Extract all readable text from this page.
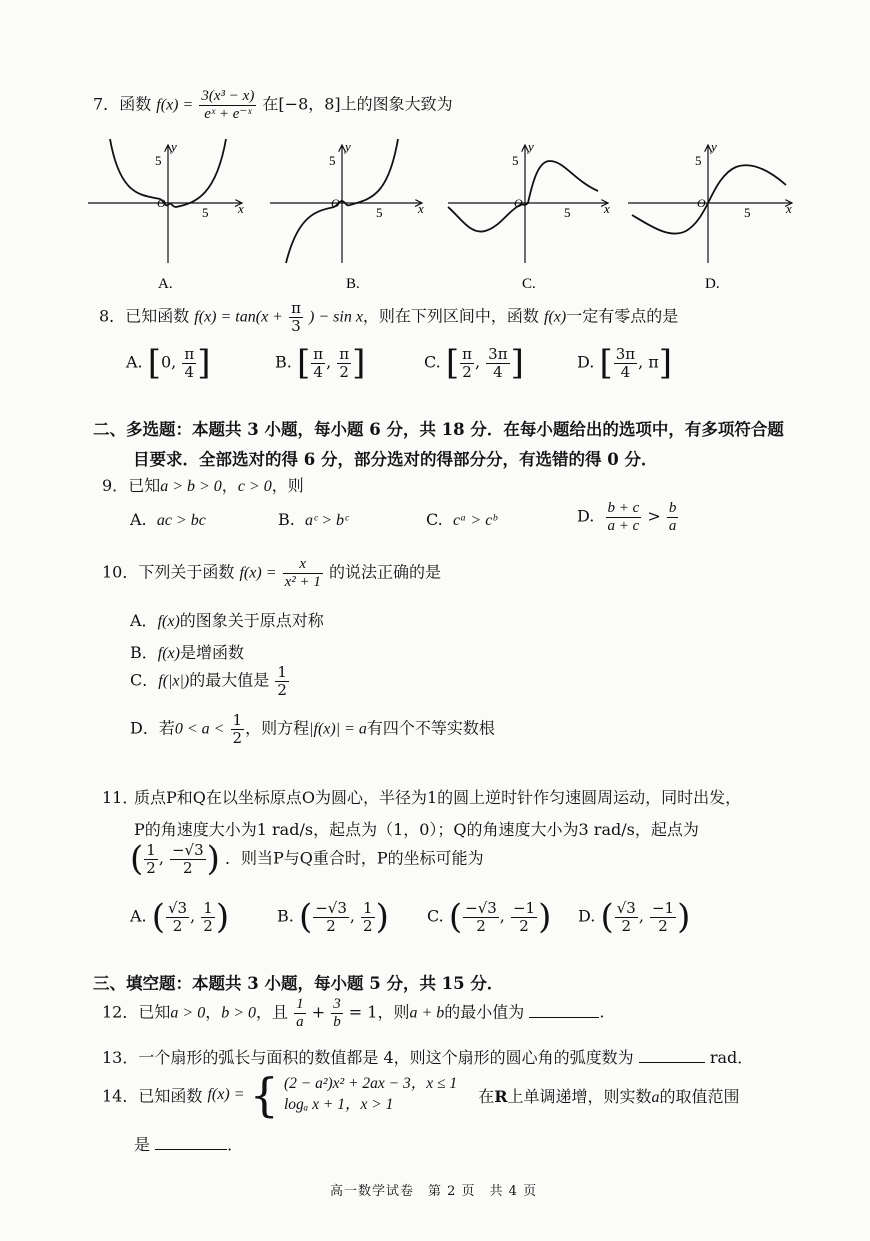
7．函数 $f(x) = \frac{\text{3(x³ − x)}}{\text{eˣ + e⁻ˣ}}$ 在[−8，8]上的图象大致为
y
5
5 x
O
A.
y
5
5	x
O
B.
y
5
5	x
O
C.
y
5
5	x
O
D.
8．已知函数 $f(x) = \tan(x + \frac{\pi}{3}$ ) − sin x，则在下列区间中，函数 f(x)一定有零点的是
A. [0, $\frac{\pi}{4}$ ]	B. [ $\frac{\pi}{4}$ , $\frac{\pi}{2}$ ]	C. [ $\frac{\pi}{2}$ , $\frac{3\pi}{4}$ ]	D. [ $\frac{3\pi}{4}$ , π]
二、多选题：本题共 3 小题，每小题 6 分，共 18 分．在每小题给出的选项中，有多项符合题
目要求．全部选对的得 6 分，部分选对的得部分分，有选错的得 0 分．
9．已知a > b > 0，c > 0，则
A. ac > bc	B. aᶜ > bᶜ	C. cᵃ > cᵇ	D. $\frac{b + c}{a + c} > \frac{b}{a}$
10．下列关于函数 $f(x) = \frac{x}{\text{x² + 1}}$ 的说法正确的是
A．f(x)的图象关于原点对称
B．f(x)是增函数
C．f(|x|)的最大值是 $\frac{1}{2}$
D．若$0 < a < \frac{1}{2}$ ，则方程|f(x)| = a有四个不等实数根
11．
质点P和Q在以坐标原点O为圆心，半径为1的圆上逆时针作匀速圆周运动，同时出发，
P的角速度大小为1 rad/s，起点为（1，0）；Q的角速度大小为3 rad/s，起点为
( $\frac{1}{2}$ , $\frac{-√3}{2}$ ) ．则当P与Q重合时，P的坐标可能为
A. ( $\frac{√3}{2}$ , $\frac{1}{2}$ )	B. ( $\frac{-√3}{2}$ , $\frac{1}{2}$ ) C. ( $\frac{-√3}{2}$ , $\frac{-1}{2}$ ) D. ( $\frac{√3}{2}$ , $\frac{-1}{2}$ )
三、填空题：本题共 3 小题，每小题 5 分，共 15 分．
12．已知a > 0，b > 0，且 $\frac{1}{a} + \frac{3}{b} = 1$，则a + b的最小值为	.
13．一个扇形的弧长与面积的数值都是 4，则这个扇形的圆心角的弧度数为	rad．
14．已知函数 f(x) = { (2 − a²)x² + 2ax − 3，x ≤ 1
logₐ x + 1，x > 1	在R上单调递增，则实数a的取值范围
是	．
高一数学试卷　第 2 页　共 4 页
